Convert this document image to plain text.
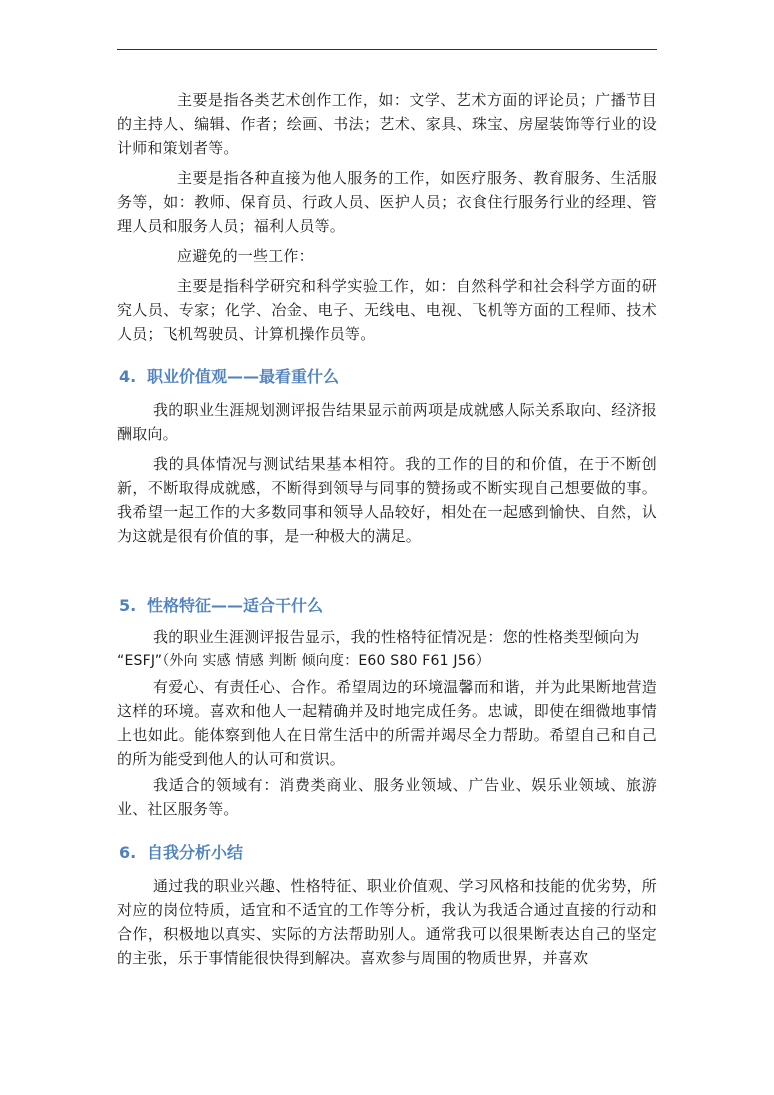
主要是指各类艺术创作工作，如：文学、艺术方面的评论员；广播节目的主持人、编辑、作者；绘画、书法；艺术、家具、珠宝、房屋装饰等行业的设计师和策划者等。

主要是指各种直接为他人服务的工作，如医疗服务、教育服务、生活服务等，如：教师、保育员、行政人员、医护人员；衣食住行服务行业的经理、管理人员和服务人员；福利人员等。

应避免的一些工作：

主要是指科学研究和科学实验工作，如：自然科学和社会科学方面的研究人员、专家；化学、冶金、电子、无线电、电视、飞机等方面的工程师、技术人员；飞机驾驶员、计算机操作员等。

4. 职业价值观——最看重什么

我的职业生涯规划测评报告结果显示前两项是成就感人际关系取向、经济报酬取向。

我的具体情况与测试结果基本相符。我的工作的目的和价值，在于不断创新，不断取得成就感，不断得到领导与同事的赞扬或不断实现自己想要做的事。我希望一起工作的大多数同事和领导人品较好，相处在一起感到愉快、自然，认为这就是很有价值的事，是一种极大的满足。

5. 性格特征——适合干什么

我的职业生涯测评报告显示，我的性格特征情况是：您的性格类型倾向为

“ESFJ”（外向 实感 情感 判断 倾向度：E60 S80 F61 J56）

有爱心、有责任心、合作。希望周边的环境温馨而和谐，并为此果断地营造这样的环境。喜欢和他人一起精确并及时地完成任务。忠诚，即使在细微地事情上也如此。能体察到他人在日常生活中的所需并竭尽全力帮助。希望自己和自己的所为能受到他人的认可和赏识。

我适合的领域有：消费类商业、服务业领域、广告业、娱乐业领域、旅游业、社区服务等。

6. 自我分析小结

通过我的职业兴趣、性格特征、职业价值观、学习风格和技能的优劣势，所对应的岗位特质，适宜和不适宜的工作等分析，我认为我适合通过直接的行动和合作，积极地以真实、实际的方法帮助别人。通常我可以很果断表达自己的坚定的主张，乐于事情能很快得到解决。喜欢参与周围的物质世界，并喜欢
